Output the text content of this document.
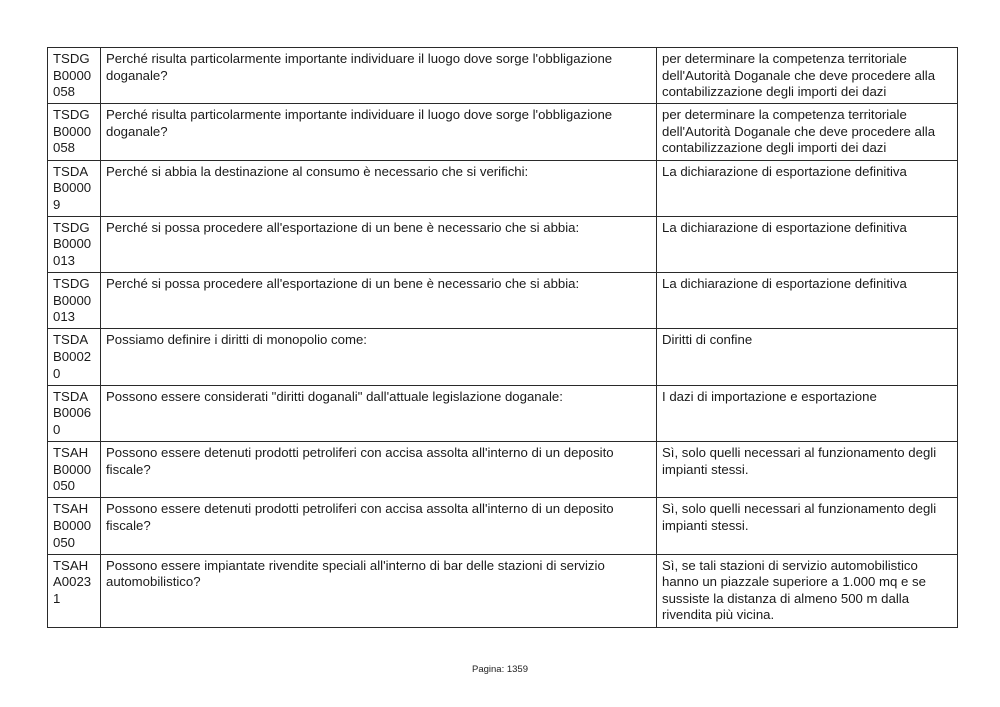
TSDG
B0000
058	Perché risulta particolarmente importante individuare il luogo dove sorge l'obbligazione doganale?	per determinare la competenza territoriale dell'Autorità Doganale che deve procedere alla contabilizzazione degli importi dei dazi

TSDG
B0000
058	Perché risulta particolarmente importante individuare il luogo dove sorge l'obbligazione doganale?	per determinare la competenza territoriale dell'Autorità Doganale che deve procedere alla contabilizzazione degli importi dei dazi

TSDA
B0000
9	Perché si abbia la destinazione al consumo è necessario che si verifichi:	La dichiarazione di esportazione definitiva

TSDG
B0000
013	Perché si possa procedere all'esportazione di un bene è necessario che si abbia:	La dichiarazione di esportazione definitiva

TSDG
B0000
013	Perché si possa procedere all'esportazione di un bene è necessario che si abbia:	La dichiarazione di esportazione definitiva

TSDA
B0002
0	Possiamo definire i diritti di monopolio come:	Diritti di confine

TSDA
B0006
0	Possono essere considerati "diritti doganali" dall'attuale legislazione doganale:	I dazi di importazione e esportazione

TSAH
B0000
050	Possono essere detenuti prodotti petroliferi con accisa assolta all'interno di un deposito fiscale?	Sì, solo quelli necessari al funzionamento degli impianti stessi.

TSAH
B0000
050	Possono essere detenuti prodotti petroliferi con accisa assolta all'interno di un deposito fiscale?	Sì, solo quelli necessari al funzionamento degli impianti stessi.

TSAH
A0023
1	Possono essere impiantate rivendite speciali all'interno di bar delle stazioni di servizio automobilistico?	Sì, se tali stazioni di servizio automobilistico hanno un piazzale superiore a 1.000 mq e se sussiste la distanza di almeno 500 m dalla rivendita più vicina.
Pagina: 1359
